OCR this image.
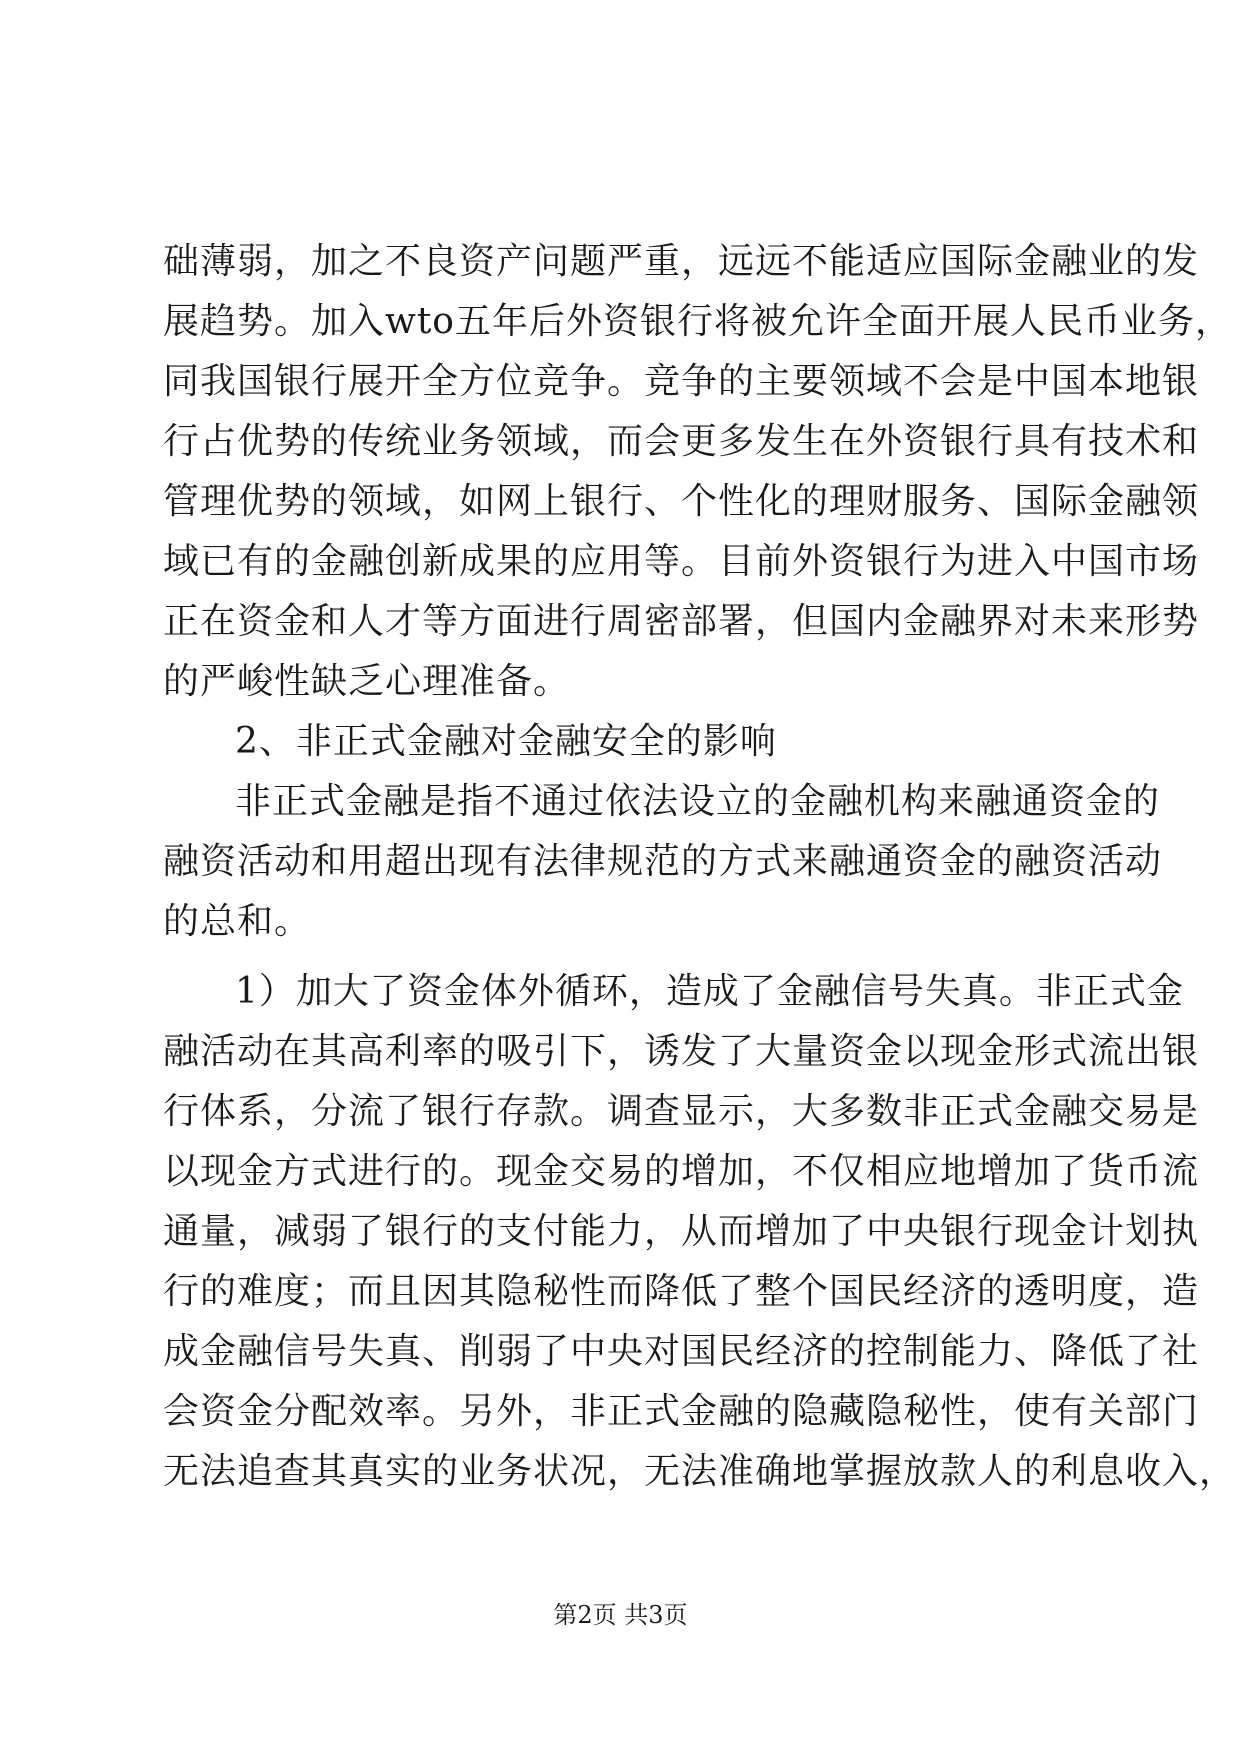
础薄弱，加之不良资产问题严重，远远不能适应国际金融业的发
展趋势。加入wto五年后外资银行将被允许全面开展人民币业务，
同我国银行展开全方位竞争。竞争的主要领域不会是中国本地银
行占优势的传统业务领域，而会更多发生在外资银行具有技术和
管理优势的领域，如网上银行、个性化的理财服务、国际金融领
域已有的金融创新成果的应用等。目前外资银行为进入中国市场
正在资金和人才等方面进行周密部署，但国内金融界对未来形势
的严峻性缺乏心理准备。
2、非正式金融对金融安全的影响
非正式金融是指不通过依法设立的金融机构来融通资金的
融资活动和用超出现有法律规范的方式来融通资金的融资活动
的总和。
1）加大了资金体外循环，造成了金融信号失真。非正式金
融活动在其高利率的吸引下，诱发了大量资金以现金形式流出银
行体系，分流了银行存款。调查显示，大多数非正式金融交易是
以现金方式进行的。现金交易的增加，不仅相应地增加了货币流
通量，减弱了银行的支付能力，从而增加了中央银行现金计划执
行的难度；而且因其隐秘性而降低了整个国民经济的透明度，造
成金融信号失真、削弱了中央对国民经济的控制能力、降低了社
会资金分配效率。另外，非正式金融的隐藏隐秘性，使有关部门
无法追查其真实的业务状况，无法准确地掌握放款人的利息收入，
第2页 共3页
